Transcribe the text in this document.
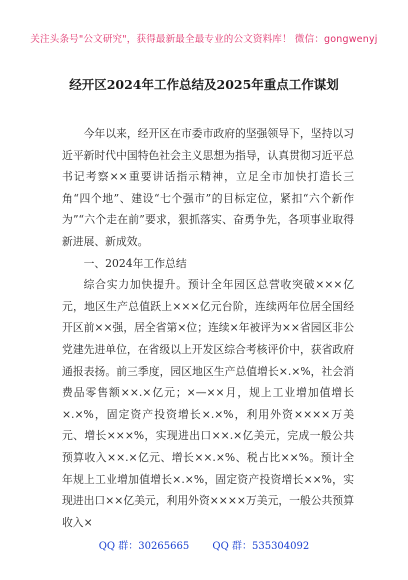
关注头条号"公文研究"，获得最新最全最专业的公文资料库！ 微信：gongwenyj
经开区2024年工作总结及2025年重点工作谋划

今年以来，经开区在市委市政府的坚强领导下，坚持以习近平新时代中国特色社会主义思想为指导，认真贯彻习近平总书记考察××重要讲话指示精神，立足全市加快打造长三角“四个地”、建设“七个强市”的目标定位，紧扣“六个新作为”“六个走在前”要求，狠抓落实、奋勇争先，各项事业取得新进展、新成效。

一、2024年工作总结

综合实力加快提升。预计全年园区总营收突破×××亿元，地区生产总值跃上×××亿元台阶，连续两年位居全国经开区前××强，居全省第×位；连续×年被评为××省园区非公党建先进单位，在省级以上开发区综合考核评价中，获省政府通报表扬。前三季度，园区地区生产总值增长×.×%，社会消费品零售额××.×亿元；×—××月，规上工业增加值增长×.×%，固定资产投资增长×.×%，利用外资××××万美元、增长×××%，实现进出口××.×亿美元，完成一般公共预算收入××.×亿元、增长××.×%、税占比××%。预计全年规上工业增加值增长×.×%，固定资产投资增长××%，实现进出口××亿美元，利用外资××××万美元，一般公共预算收入×

QQ 群：30265665 QQ 群：535304092
